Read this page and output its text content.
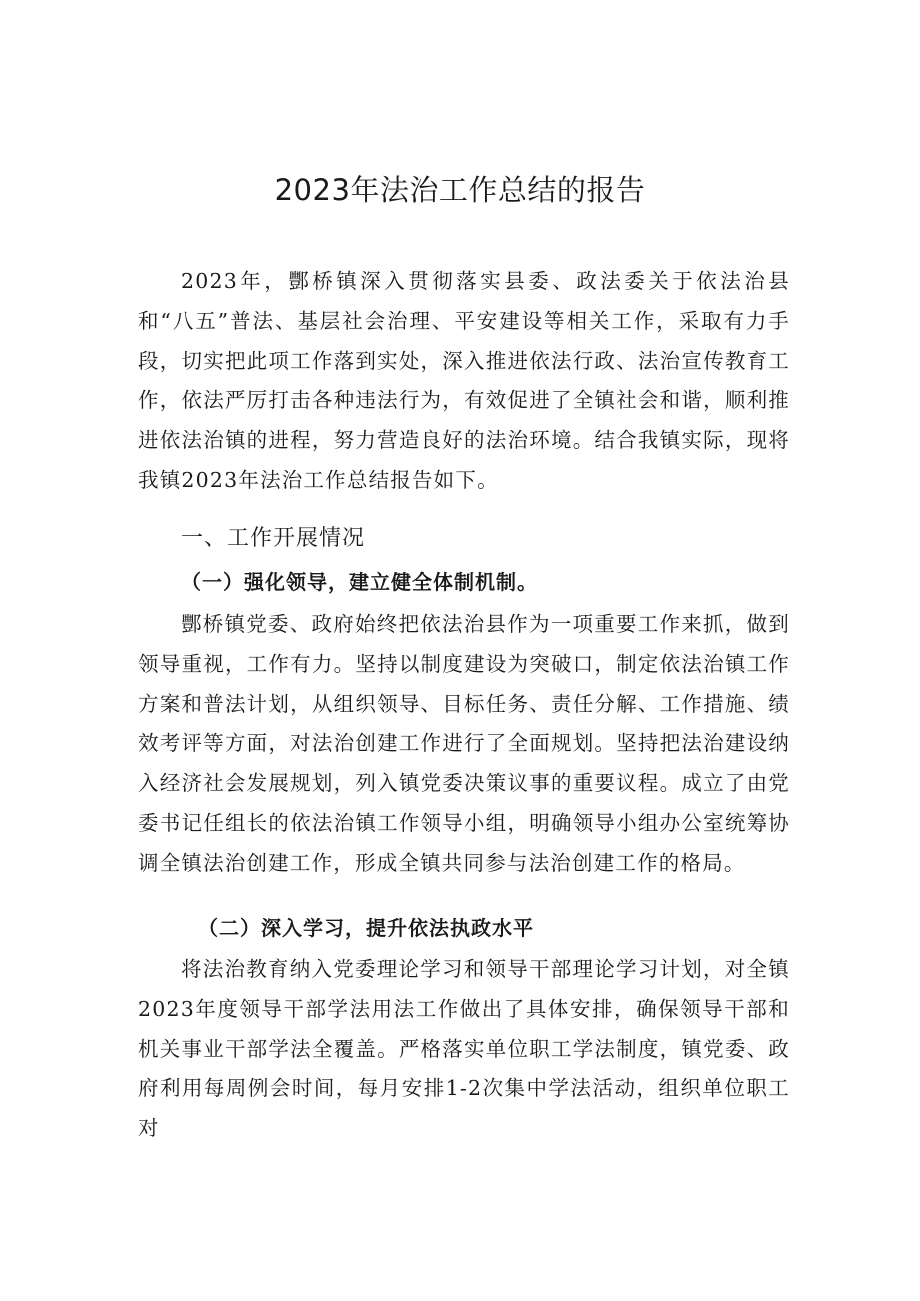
2023年法治工作总结的报告

2023年，酆桥镇深入贯彻落实县委、政法委关于依法治县和“八五”普法、基层社会治理、平安建设等相关工作，采取有力手段，切实把此项工作落到实处，深入推进依法行政、法治宣传教育工作，依法严厉打击各种违法行为，有效促进了全镇社会和谐，顺利推进依法治镇的进程，努力营造良好的法治环境。结合我镇实际，现将我镇2023年法治工作总结报告如下。

一、工作开展情况
（一）强化领导，建立健全体制机制。

酆桥镇党委、政府始终把依法治县作为一项重要工作来抓，做到领导重视，工作有力。坚持以制度建设为突破口，制定依法治镇工作方案和普法计划，从组织领导、目标任务、责任分解、工作措施、绩效考评等方面，对法治创建工作进行了全面规划。坚持把法治建设纳入经济社会发展规划，列入镇党委决策议事的重要议程。成立了由党委书记任组长的依法治镇工作领导小组，明确领导小组办公室统筹协调全镇法治创建工作，形成全镇共同参与法治创建工作的格局。

（二）深入学习，提升依法执政水平

将法治教育纳入党委理论学习和领导干部理论学习计划，对全镇2023年度领导干部学法用法工作做出了具体安排，确保领导干部和机关事业干部学法全覆盖。严格落实单位职工学法制度，镇党委、政府利用每周例会时间，每月安排1-2次集中学法活动，组织单位职工对
